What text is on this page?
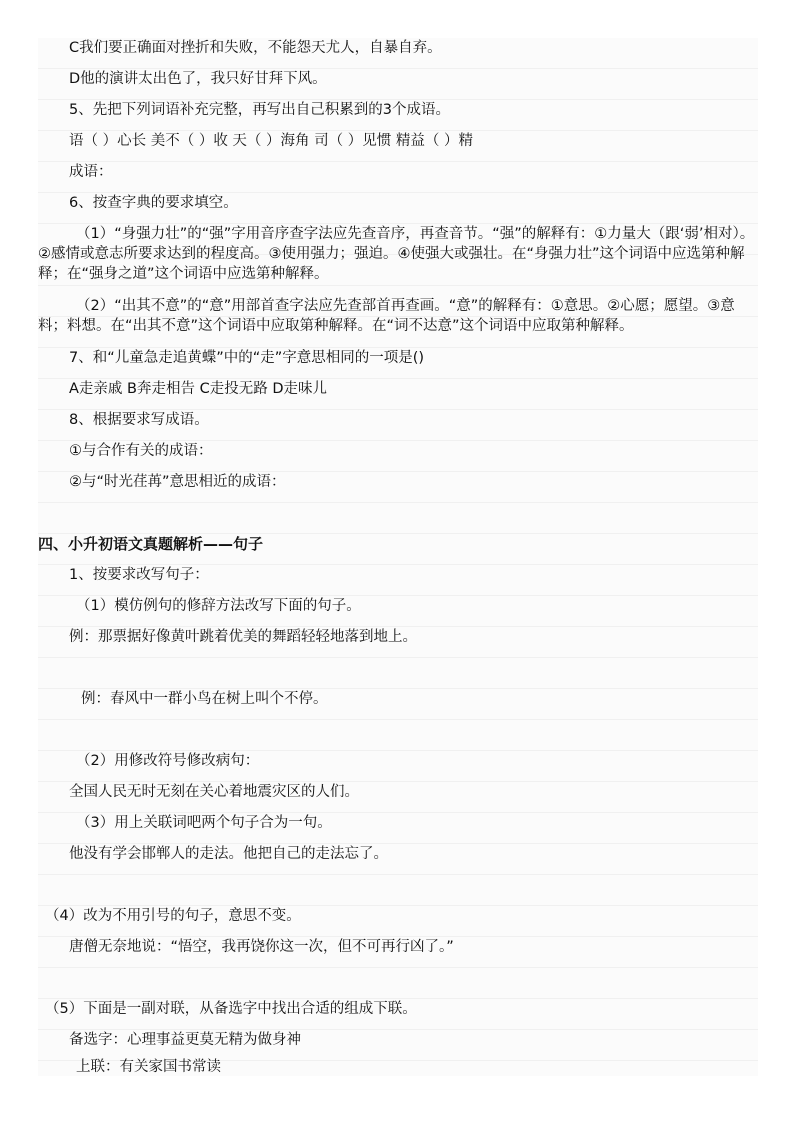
C我们要正确面对挫折和失败，不能怨天尤人，自暴自弃。
D他的演讲太出色了，我只好甘拜下风。
5、先把下列词语补充完整，再写出自己积累到的3个成语。
语（ ）心长 美不（ ）收 天（ ）海角 司（ ）见惯 精益（ ）精
成语：
6、按查字典的要求填空。
（1）“身强力壮”的“强”字用音序查字法应先查音序，再查音节。“强”的解释有：①力量大（跟‘弱’相对）。②感情或意志所要求达到的程度高。③使用强力；强迫。④使强大或强壮。在“身强力壮”这个词语中应选第种解释；在“强身之道”这个词语中应选第种解释。
（2）“出其不意”的“意”用部首查字法应先查部首再查画。“意”的解释有：①意思。②心愿；愿望。③意料；料想。在“出其不意”这个词语中应取第种解释。在“词不达意”这个词语中应取第种解释。
7、和“儿童急走追黄蝶”中的“走”字意思相同的一项是()
A走亲戚 B奔走相告 C走投无路 D走味儿
8、根据要求写成语。
①与合作有关的成语：
②与“时光荏苒”意思相近的成语：
四、小升初语文真题解析——句子
1、按要求改写句子：
（1）模仿例句的修辞方法改写下面的句子。
例：那票据好像黄叶跳着优美的舞蹈轻轻地落到地上。
例：春风中一群小鸟在树上叫个不停。
（2）用修改符号修改病句：
全国人民无时无刻在关心着地震灾区的人们。
（3）用上关联词吧两个句子合为一句。
他没有学会邯郸人的走法。他把自己的走法忘了。
（4）改为不用引号的句子，意思不变。
唐僧无奈地说：“悟空，我再饶你这一次，但不可再行凶了。”
（5）下面是一副对联，从备选字中找出合适的组成下联。
备选字：心理事益更莫无精为做身神
上联：有关家国书常读
